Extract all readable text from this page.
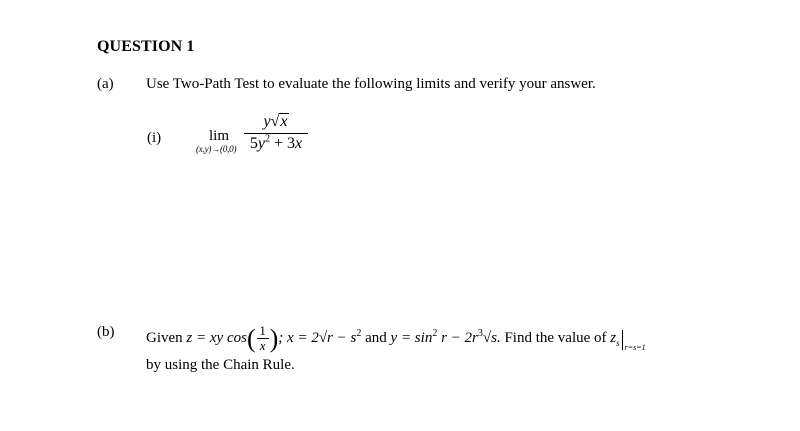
QUESTION 1
(a) Use Two-Path Test to evaluate the following limits and verify your answer.
(i)	lim
(x,y)→(0,0)
y√x
$5y^2 + 3x$
(b) Given z = xy $\cos( \frac{1}{x}$ ); $x = 2√r - s^2$ and $y = \sin^2 r - 2r^3√s$. Find the value of $z_s$ r=s=1
by using the Chain Rule.
